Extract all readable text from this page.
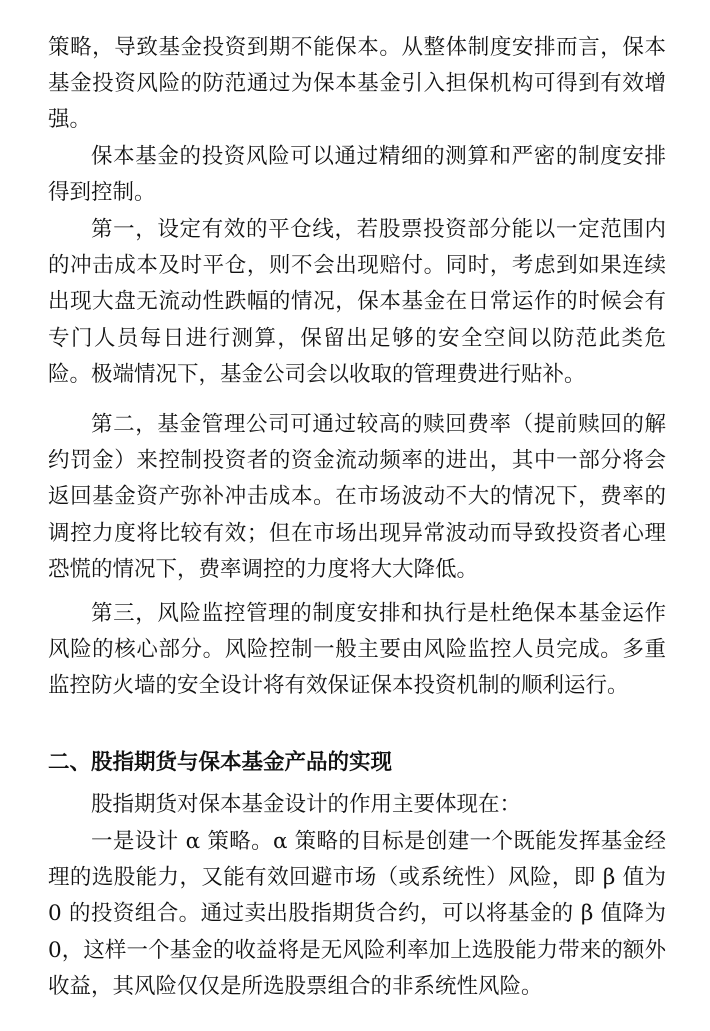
策略，导致基金投资到期不能保本。从整体制度安排而言，保本基金投资风险的防范通过为保本基金引入担保机构可得到有效增强。

保本基金的投资风险可以通过精细的测算和严密的制度安排得到控制。

第一，设定有效的平仓线，若股票投资部分能以一定范围内的冲击成本及时平仓，则不会出现赔付。同时，考虑到如果连续出现大盘无流动性跌幅的情况，保本基金在日常运作的时候会有专门人员每日进行测算，保留出足够的安全空间以防范此类危险。极端情况下，基金公司会以收取的管理费进行贴补。

第二，基金管理公司可通过较高的赎回费率（提前赎回的解约罚金）来控制投资者的资金流动频率的进出，其中一部分将会返回基金资产弥补冲击成本。在市场波动不大的情况下，费率的调控力度将比较有效；但在市场出现异常波动而导致投资者心理恐慌的情况下，费率调控的力度将大大降低。

第三，风险监控管理的制度安排和执行是杜绝保本基金运作风险的核心部分。风险控制一般主要由风险监控人员完成。多重监控防火墙的安全设计将有效保证保本投资机制的顺利运行。

二、股指期货与保本基金产品的实现

股指期货对保本基金设计的作用主要体现在：

一是设计 α 策略。α 策略的目标是创建一个既能发挥基金经理的选股能力，又能有效回避市场（或系统性）风险，即 β 值为 0 的投资组合。通过卖出股指期货合约，可以将基金的 β 值降为 0，这样一个基金的收益将是无风险利率加上选股能力带来的额外收益，其风险仅仅是所选股票组合的非系统性风险。
